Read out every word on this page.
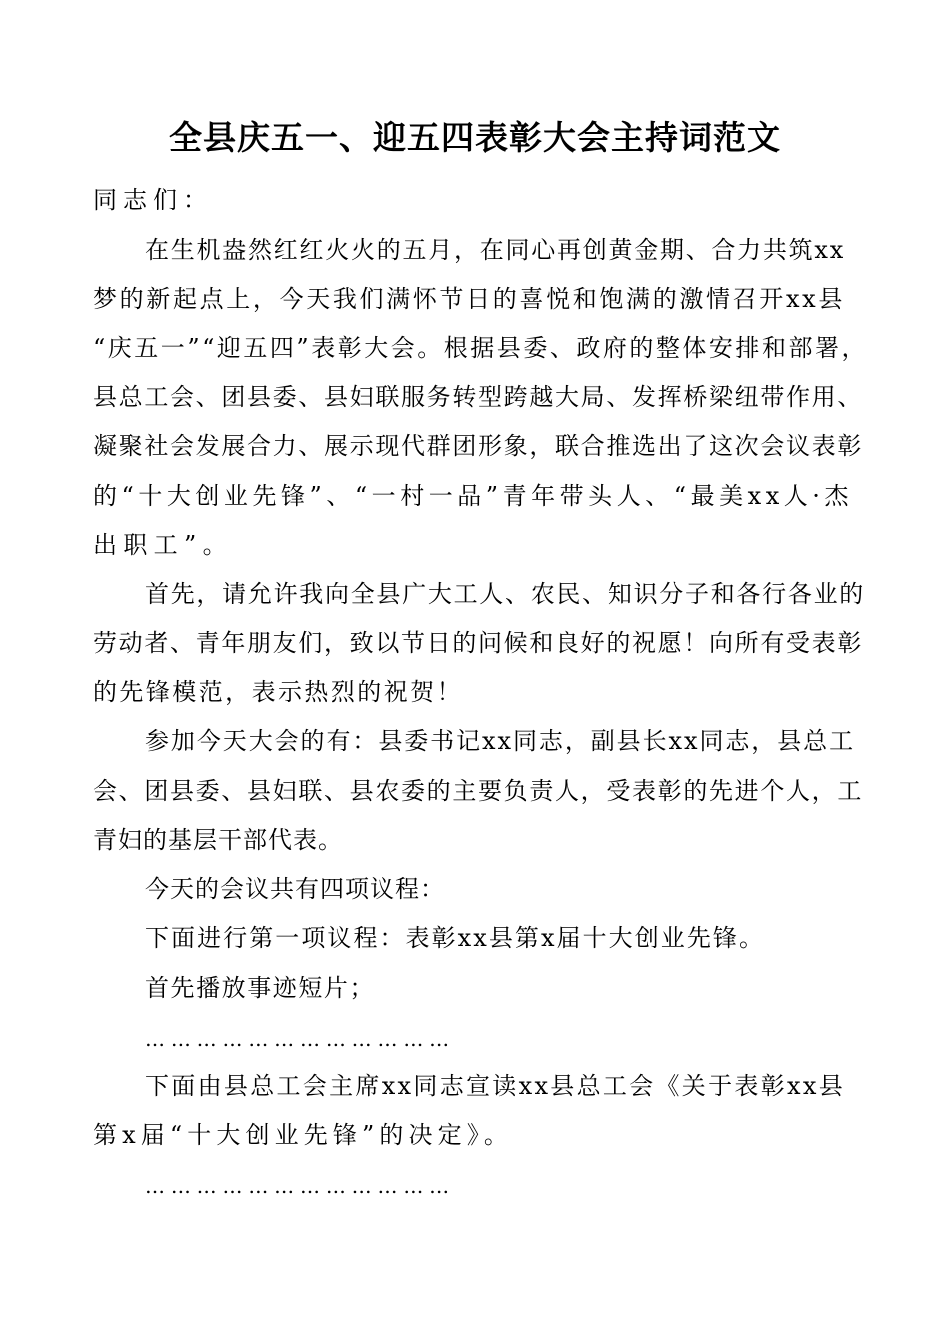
全县庆五一、迎五四表彰大会主持词范文
同志们：
在生机盎然红红火火的五月，在同心再创黄金期、合力共筑xx
梦的新起点上，今天我们满怀节日的喜悦和饱满的激情召开xx县
“庆五一”“迎五四”表彰大会。根据县委、政府的整体安排和部署，
县总工会、团县委、县妇联服务转型跨越大局、发挥桥梁纽带作用、
凝聚社会发展合力、展示现代群团形象，联合推选出了这次会议表彰
的“十大创业先锋”、“一村一品”青年带头人、“最美xx人·杰
出职工”。
首先，请允许我向全县广大工人、农民、知识分子和各行各业的
劳动者、青年朋友们，致以节日的问候和良好的祝愿！向所有受表彰
的先锋模范，表示热烈的祝贺！
参加今天大会的有：县委书记xx同志，副县长xx同志，县总工
会、团县委、县妇联、县农委的主要负责人，受表彰的先进个人，工
青妇的基层干部代表。
今天的会议共有四项议程：
下面进行第一项议程：表彰xx县第x届十大创业先锋。
首先播放事迹短片；
………………………………
下面由县总工会主席xx同志宣读xx县总工会《关于表彰xx县
第x届“十大创业先锋”的决定》。
………………………………
